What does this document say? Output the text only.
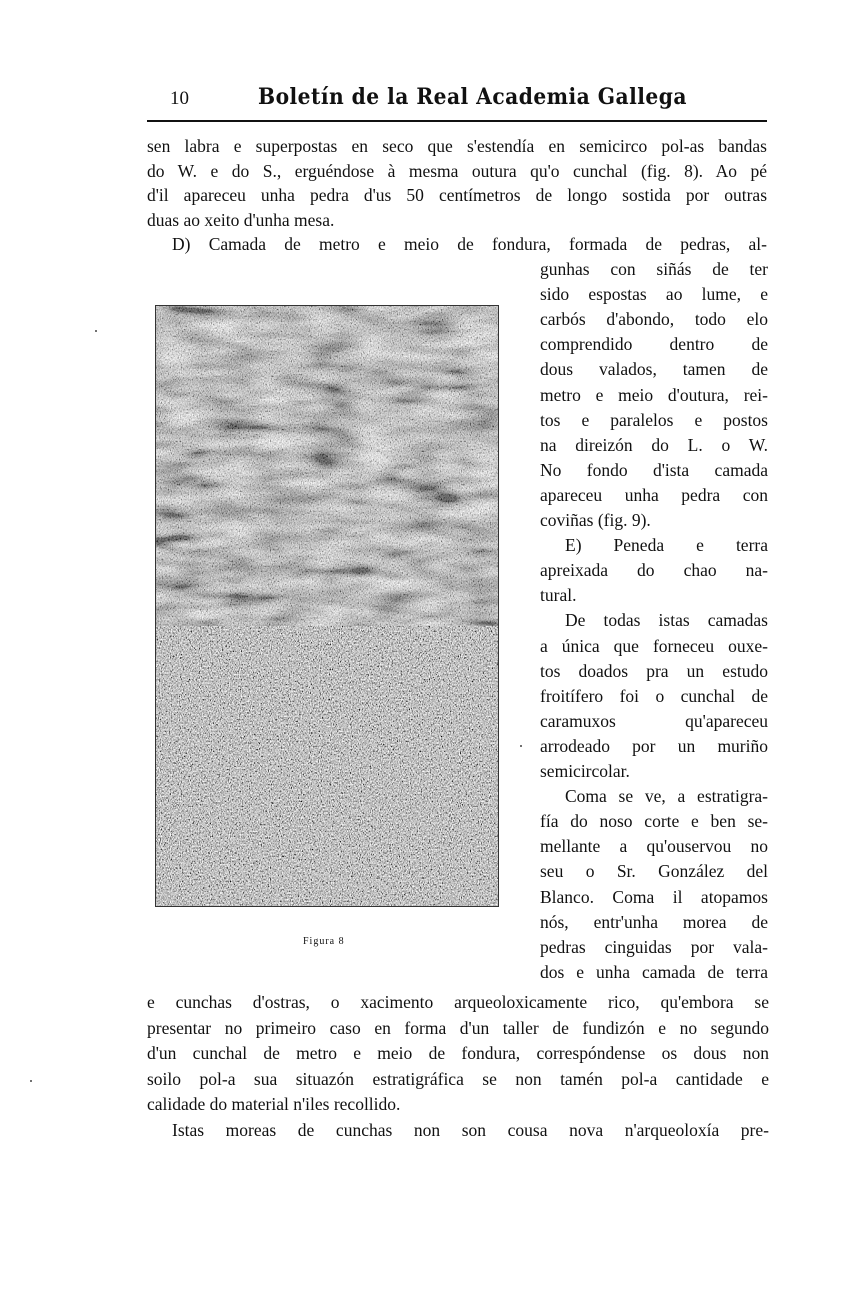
10	Boletín de la Real Academia Gallega
sen labra e superpostas en seco que s'estendía en semicirco pol-as bandas
do W. e do S., erguéndose à mesma outura qu'o cunchal (fig. 8). Ao pé
d'il apareceu unha pedra d'us 50 centímetros de longo sostida por outras
duas ao xeito d'unha mesa.
D) Camada de metro e meio de fondura, formada de pedras, al-
gunhas con siñás de ter
sido espostas ao lume, e
carbós d'abondo, todo elo
comprendido dentro de
dous valados, tamen de
metro e meio d'outura, rei-
tos e paralelos e postos
na direizón do L. o W.
No fondo d'ista camada
apareceu unha pedra con
coviñas (fig. 9).
E) Peneda e terra
apreixada do chao na-
tural.
De todas istas camadas
a única que forneceu ouxe-
tos doados pra un estudo
froitífero foi o cunchal de
caramuxos qu'apareceu
arrodeado por un muriño
semicircolar.
Coma se ve, a estratigra-
fía do noso corte e ben se-
mellante a qu'ouservou no
seu o Sr. González del
Blanco. Coma il atopamos
nós, entr'unha morea de
pedras cinguidas por vala-
dos e unha camada de terra
e cunchas d'ostras, o xacimento arqueoloxicamente rico, qu'embora se
presentar no primeiro caso en forma d'un taller de fundizón e no segundo
d'un cunchal de metro e meio de fondura, correspóndense os dous non
soilo pol-a sua situazón estratigráfica se non tamén pol-a cantidade e
calidade do material n'iles recollido.
Istas moreas de cunchas non son cousa nova n'arqueoloxía pre-
Figura 8
